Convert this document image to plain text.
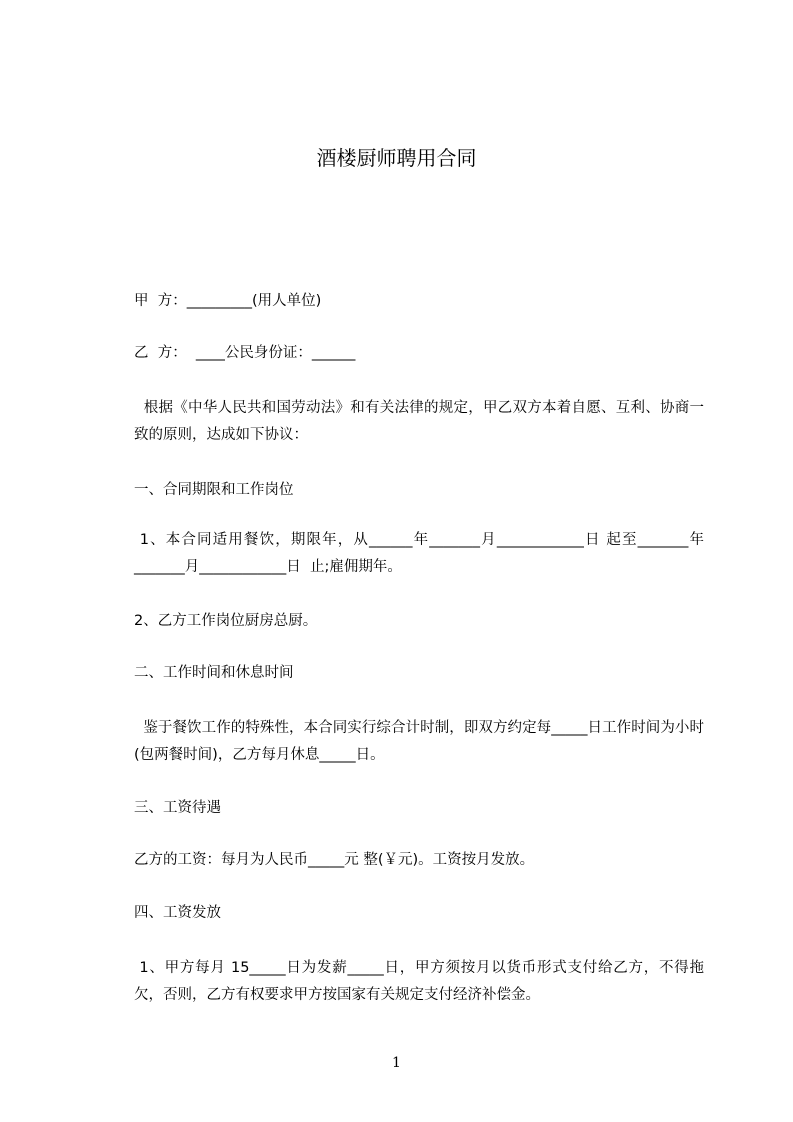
酒楼厨师聘用合同
甲  方：_________(用人单位)
乙  方：  ____公民身份证：______
根据《中华人民共和国劳动法》和有关法律的规定，甲乙双方本着自愿、互利、协商一致的原则，达成如下协议：
一、合同期限和工作岗位
1、本合同适用餐饮，期限年，从______年_______月____________日 起至_______年_______月____________日  止;雇佣期年。
2、乙方工作岗位厨房总厨。
二、工作时间和休息时间
鉴于餐饮工作的特殊性，本合同实行综合计时制，即双方约定每_____日工作时间为小时(包两餐时间)，乙方每月休息_____日。
三、工资待遇
乙方的工资：每月为人民币_____元 整(￥元)。工资按月发放。
四、工资发放
1、甲方每月 15_____日为发薪_____日，甲方须按月以货币形式支付给乙方，不得拖欠，否则，乙方有权要求甲方按国家有关规定支付经济补偿金。
1
